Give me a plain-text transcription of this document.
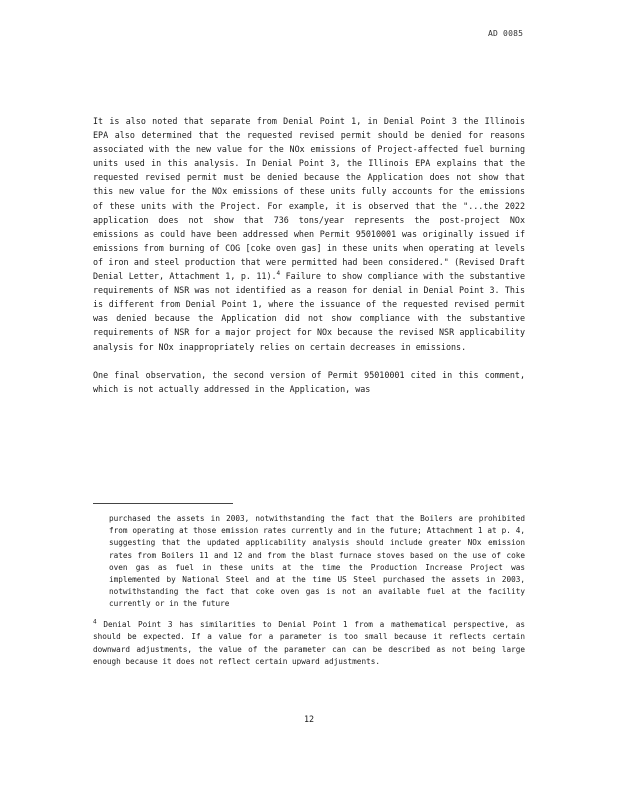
AD 0085

It is also noted that separate from Denial Point 1, in Denial Point 3 the Illinois EPA also determined that the requested revised permit should be denied for reasons associated with the new value for the NOx emissions of Project-affected fuel burning units used in this analysis. In Denial Point 3, the Illinois EPA explains that the requested revised permit must be denied because the Application does not show that this new value for the NOx emissions of these units fully accounts for the emissions of these units with the Project. For example, it is observed that the "...the 2022 application does not show that 736 tons/year represents the post-project NOx emissions as could have been addressed when Permit 95010001 was originally issued if emissions from burning of COG [coke oven gas] in these units when operating at levels of iron and steel production that were permitted had been considered." (Revised Draft Denial Letter, Attachment 1, p. 11).$^4$ Failure to show compliance with the substantive requirements of NSR was not identified as a reason for denial in Denial Point 3. This is different from Denial Point 1, where the issuance of the requested revised permit was denied because the Application did not show compliance with the substantive requirements of NSR for a major project for NOx because the revised NSR applicability analysis for NOx inappropriately relies on certain decreases in emissions.

One final observation, the second version of Permit 95010001 cited in this comment, which is not actually addressed in the Application, was

purchased the assets in 2003, notwithstanding the fact that the Boilers are prohibited from operating at those emission rates currently and in the future; Attachment 1 at p. 4, suggesting that the updated applicability analysis should include greater NOx emission rates from Boilers 11 and 12 and from the blast furnace stoves based on the use of coke oven gas as fuel in these units at the time the Production Increase Project was implemented by National Steel and at the time US Steel purchased the assets in 2003, notwithstanding the fact that coke oven gas is not an available fuel at the facility currently or in the future

$^4$ Denial Point 3 has similarities to Denial Point 1 from a mathematical perspective, as should be expected. If a value for a parameter is too small because it reflects certain downward adjustments, the value of the parameter can can be described as not being large enough because it does not reflect certain upward adjustments.

12
